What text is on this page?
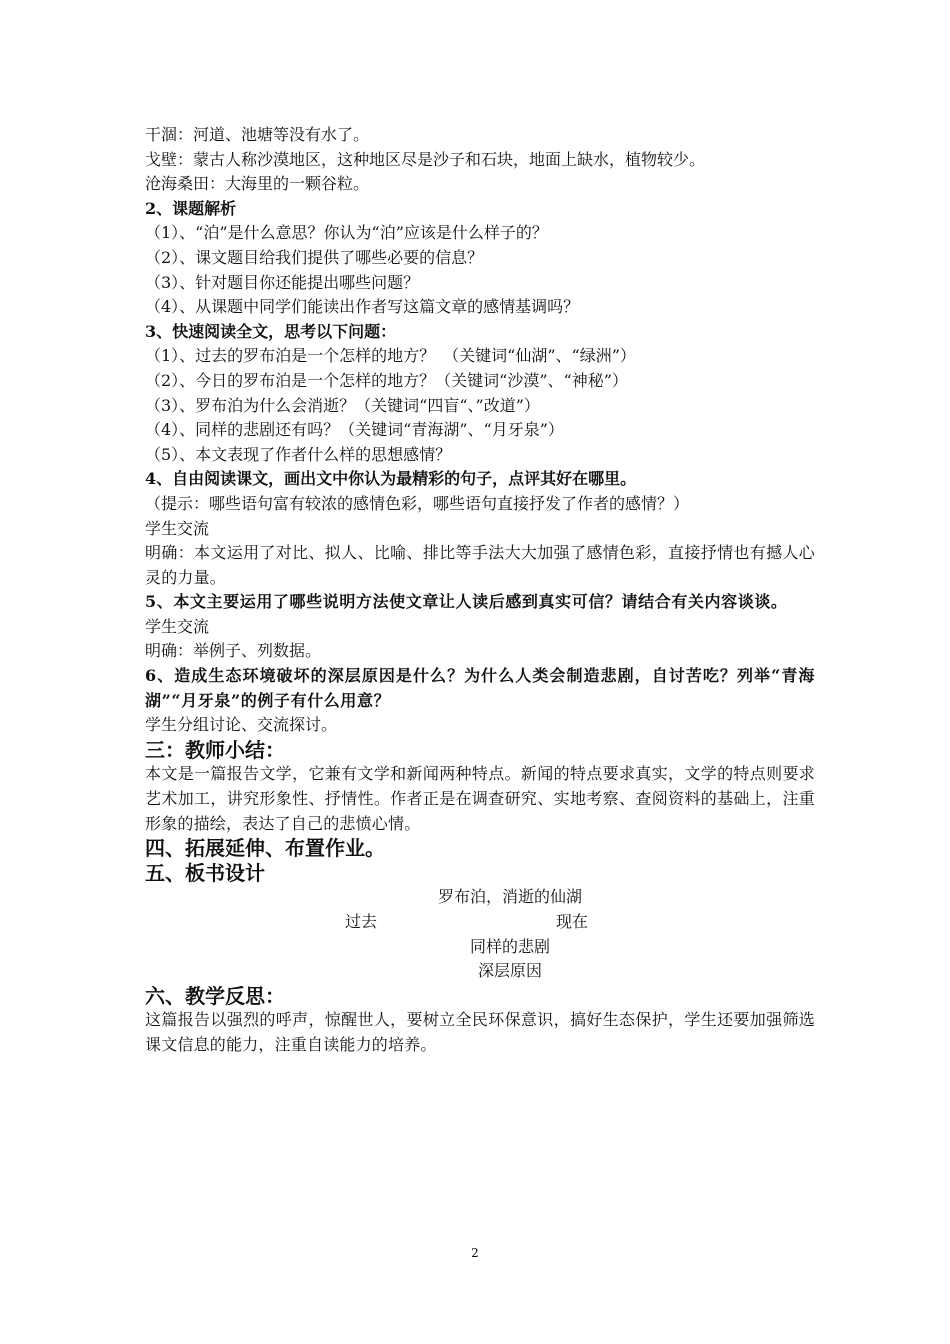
干涸：河道、池塘等没有水了。

戈壁：蒙古人称沙漠地区，这种地区尽是沙子和石块，地面上缺水，植物较少。

沧海桑田：大海里的一颗谷粒。

2、课题解析

（1）、“泊”是什么意思？你认为“泊”应该是什么样子的？

（2）、课文题目给我们提供了哪些必要的信息？

（3）、针对题目你还能提出哪些问题？

（4）、从课题中同学们能读出作者写这篇文章的感情基调吗？

3、快速阅读全文，思考以下问题：

（1）、过去的罗布泊是一个怎样的地方？　（关键词“仙湖”、“绿洲”）

（2）、今日的罗布泊是一个怎样的地方？（关键词“沙漠”、“神秘”）

（3）、罗布泊为什么会消逝？（关键词“四盲“、”改道”）

（4）、同样的悲剧还有吗？（关键词“青海湖”、“月牙泉”）

（5）、本文表现了作者什么样的思想感情？

4、自由阅读课文，画出文中你认为最精彩的句子，点评其好在哪里。

（提示：哪些语句富有较浓的感情色彩，哪些语句直接抒发了作者的感情？）

学生交流

明确：本文运用了对比、拟人、比喻、排比等手法大大加强了感情色彩，直接抒情也有撼人心灵的力量。

5、本文主要运用了哪些说明方法使文章让人读后感到真实可信？请结合有关内容谈谈。

学生交流

明确：举例子、列数据。

6、造成生态环境破坏的深层原因是什么？为什么人类会制造悲剧，自讨苦吃？列举“青海湖”“月牙泉”的例子有什么用意？

学生分组讨论、交流探讨。

三：教师小结：

本文是一篇报告文学，它兼有文学和新闻两种特点。新闻的特点要求真实，文学的特点则要求艺术加工，讲究形象性、抒情性。作者正是在调查研究、实地考察、查阅资料的基础上，注重形象的描绘，表达了自己的悲愤心情。

四、拓展延伸、布置作业。

五、板书设计

罗布泊，消逝的仙湖

过去	现在

同样的悲剧

深层原因

六、教学反思：

这篇报告以强烈的呼声，惊醒世人，要树立全民环保意识，搞好生态保护，学生还要加强筛选课文信息的能力，注重自读能力的培养。

2
